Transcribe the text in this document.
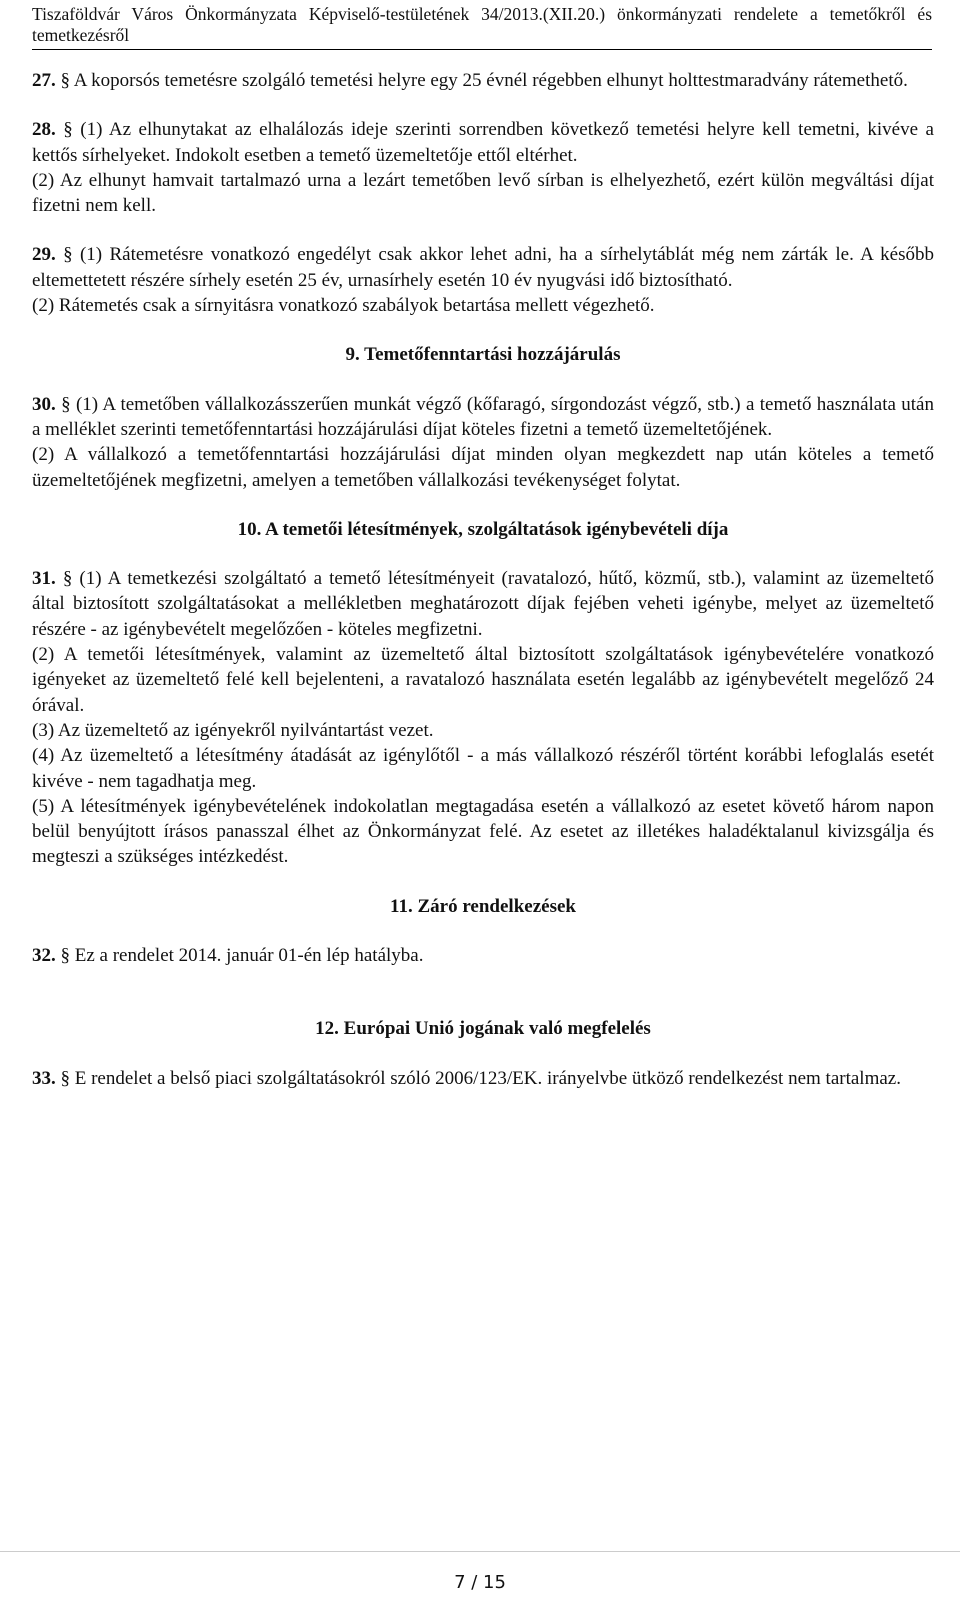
Tiszaföldvár Város Önkormányzata Képviselő-testületének 34/2013.(XII.20.) önkormányzati rendelete a temetőkről és temetkezésről

27. § A koporsós temetésre szolgáló temetési helyre egy 25 évnél régebben elhunyt holttestmaradvány rátemethető.

28. § (1) Az elhunytakat az elhalálozás ideje szerinti sorrendben következő temetési helyre kell temetni, kivéve a kettős sírhelyeket. Indokolt esetben a temető üzemeltetője ettől eltérhet.

(2) Az elhunyt hamvait tartalmazó urna a lezárt temetőben levő sírban is elhelyezhető, ezért külön megváltási díjat fizetni nem kell.

29. § (1) Rátemetésre vonatkozó engedélyt csak akkor lehet adni, ha a sírhelytáblát még nem zárták le. A később eltemettetett részére sírhely esetén 25 év, urnasírhely esetén 10 év nyugvási idő biztosítható.

(2) Rátemetés csak a sírnyitásra vonatkozó szabályok betartása mellett végezhető.

9. Temetőfenntartási hozzájárulás

30. § (1) A temetőben vállalkozásszerűen munkát végző (kőfaragó, sírgondozást végző, stb.) a temető használata után a melléklet szerinti temetőfenntartási hozzájárulási díjat köteles fizetni a temető üzemeltetőjének.

(2) A vállalkozó a temetőfenntartási hozzájárulási díjat minden olyan megkezdett nap után köteles a temető üzemeltetőjének megfizetni, amelyen a temetőben vállalkozási tevékenységet folytat.

10. A temetői létesítmények, szolgáltatások igénybevételi díja

31. § (1) A temetkezési szolgáltató a temető létesítményeit (ravatalozó, hűtő, közmű, stb.), valamint az üzemeltető által biztosított szolgáltatásokat a mellékletben meghatározott díjak fejében veheti igénybe, melyet az üzemeltető részére - az igénybevételt megelőzően - köteles megfizetni.

(2) A temetői létesítmények, valamint az üzemeltető által biztosított szolgáltatások igénybevételére vonatkozó igényeket az üzemeltető felé kell bejelenteni, a ravatalozó használata esetén legalább az igénybevételt megelőző 24 órával.

(3) Az üzemeltető az igényekről nyilvántartást vezet.

(4) Az üzemeltető a létesítmény átadását az igénylőtől - a más vállalkozó részéről történt korábbi lefoglalás esetét kivéve - nem tagadhatja meg.

(5) A létesítmények igénybevételének indokolatlan megtagadása esetén a vállalkozó az esetet követő három napon belül benyújtott írásos panasszal élhet az Önkormányzat felé. Az esetet az illetékes haladéktalanul kivizsgálja és megteszi a szükséges intézkedést.

11. Záró rendelkezések

32. § Ez a rendelet 2014. január 01-én lép hatályba.

12. Európai Unió jogának való megfelelés

33. § E rendelet a belső piaci szolgáltatásokról szóló 2006/123/EK. irányelvbe ütköző rendelkezést nem tartalmaz.

7 / 15
